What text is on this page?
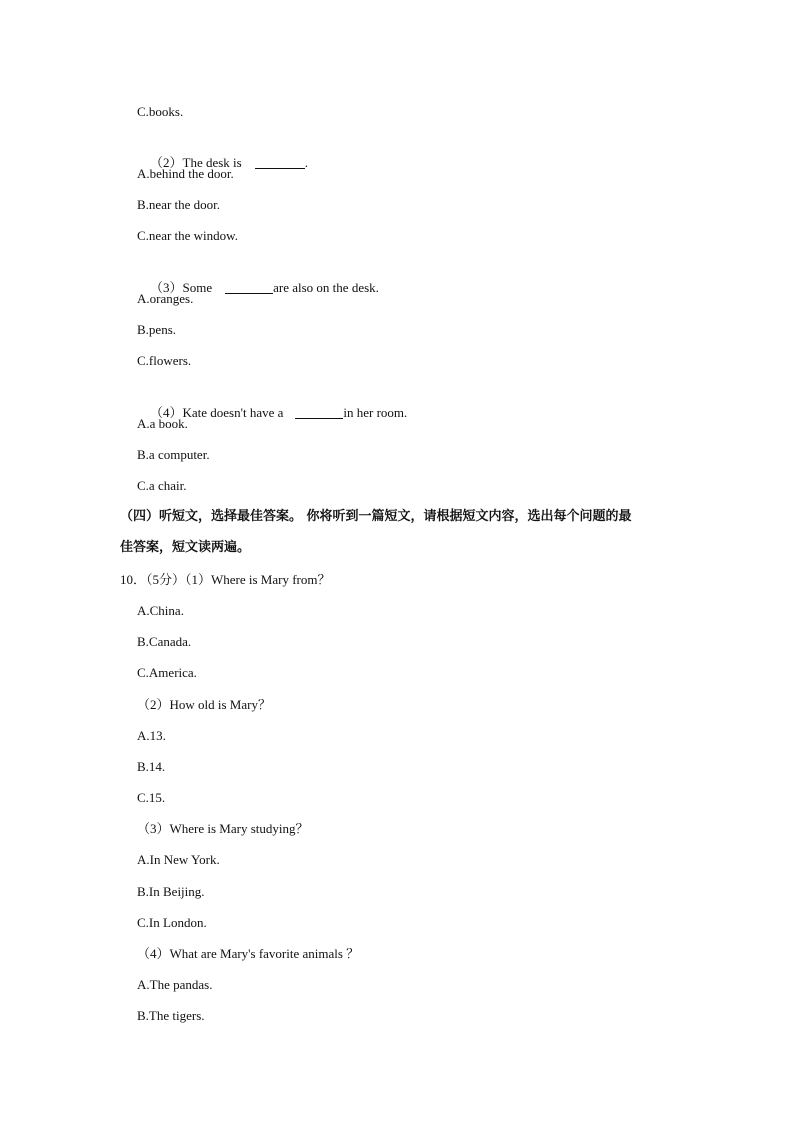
C.books.

（2）The desk is	.

A.behind the door.
B.near the door.
C.near the window.

（3）Some	are also on the desk.

A.oranges.
B.pens.
C.flowers.

（4）Kate doesn't have a	in her room.

A.a book.
B.a computer.
C.a chair.
（四）听短文，选择最佳答案。 你将听到一篇短文，请根据短文内容，选出每个问题的最
佳答案，短文读两遍。
10．（5分）（1）Where is Mary from？
A.China.
B.Canada.
C.America.
（2）How old is Mary？
A.13.
B.14.
C.15.
（3）Where is Mary studying？
A.In New York.
B.In Beijing.
C.In London.
（4）What are Mary's favorite animals ？
A.The pandas.
B.The tigers.
